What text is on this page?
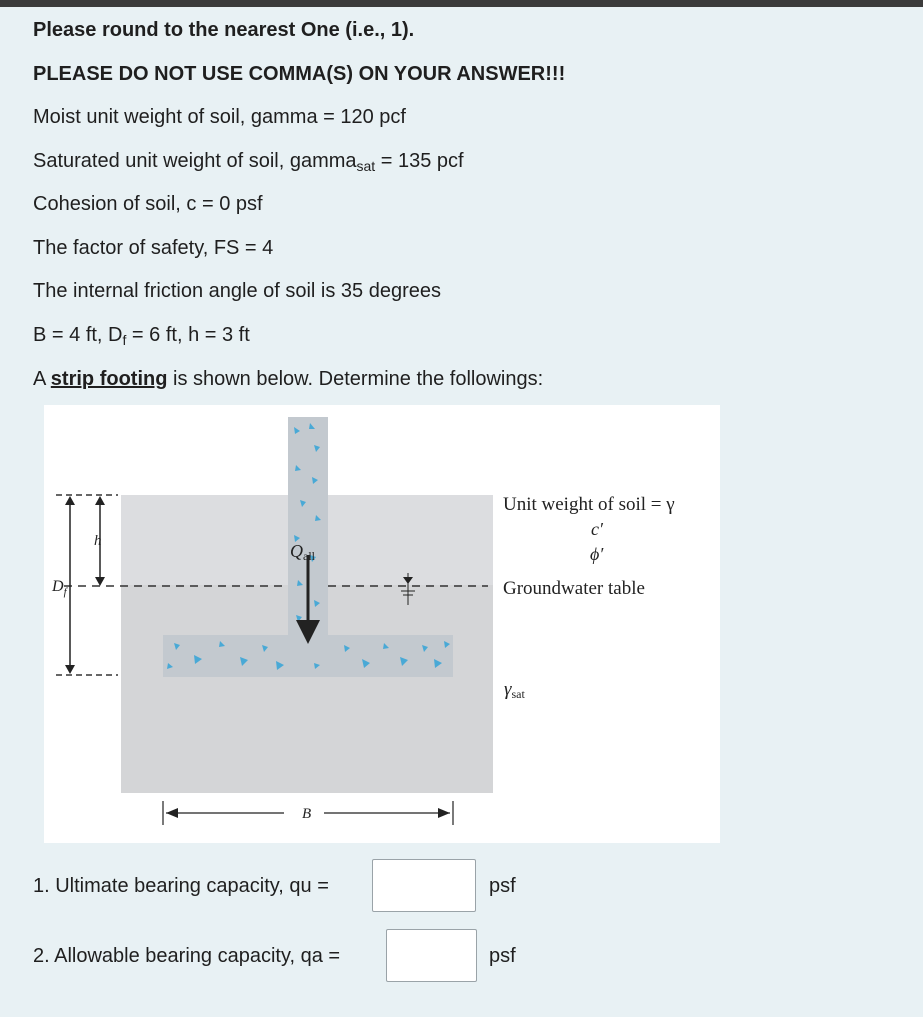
Please round to the nearest One (i.e., 1).
PLEASE DO NOT USE COMMA(S) ON YOUR ANSWER!!!
Moist unit weight of soil, gamma = 120 pcf
Saturated unit weight of soil, gamma$_{sat}$ = 135 pcf
Cohesion of soil, c = 0 psf
The factor of safety, FS = 4
The internal friction angle of soil is 35 degrees
B = 4 ft, $D_f = 6$ ft, h = 3 ft
A strip footing is shown below. Determine the followings:
h
$D_f$
Qall
B
Unit weight of soil = γ
c′
ϕ′
Groundwater table
γsat
1. Ultimate bearing capacity, qu =	psf
2. Allowable bearing capacity, qa =	psf
